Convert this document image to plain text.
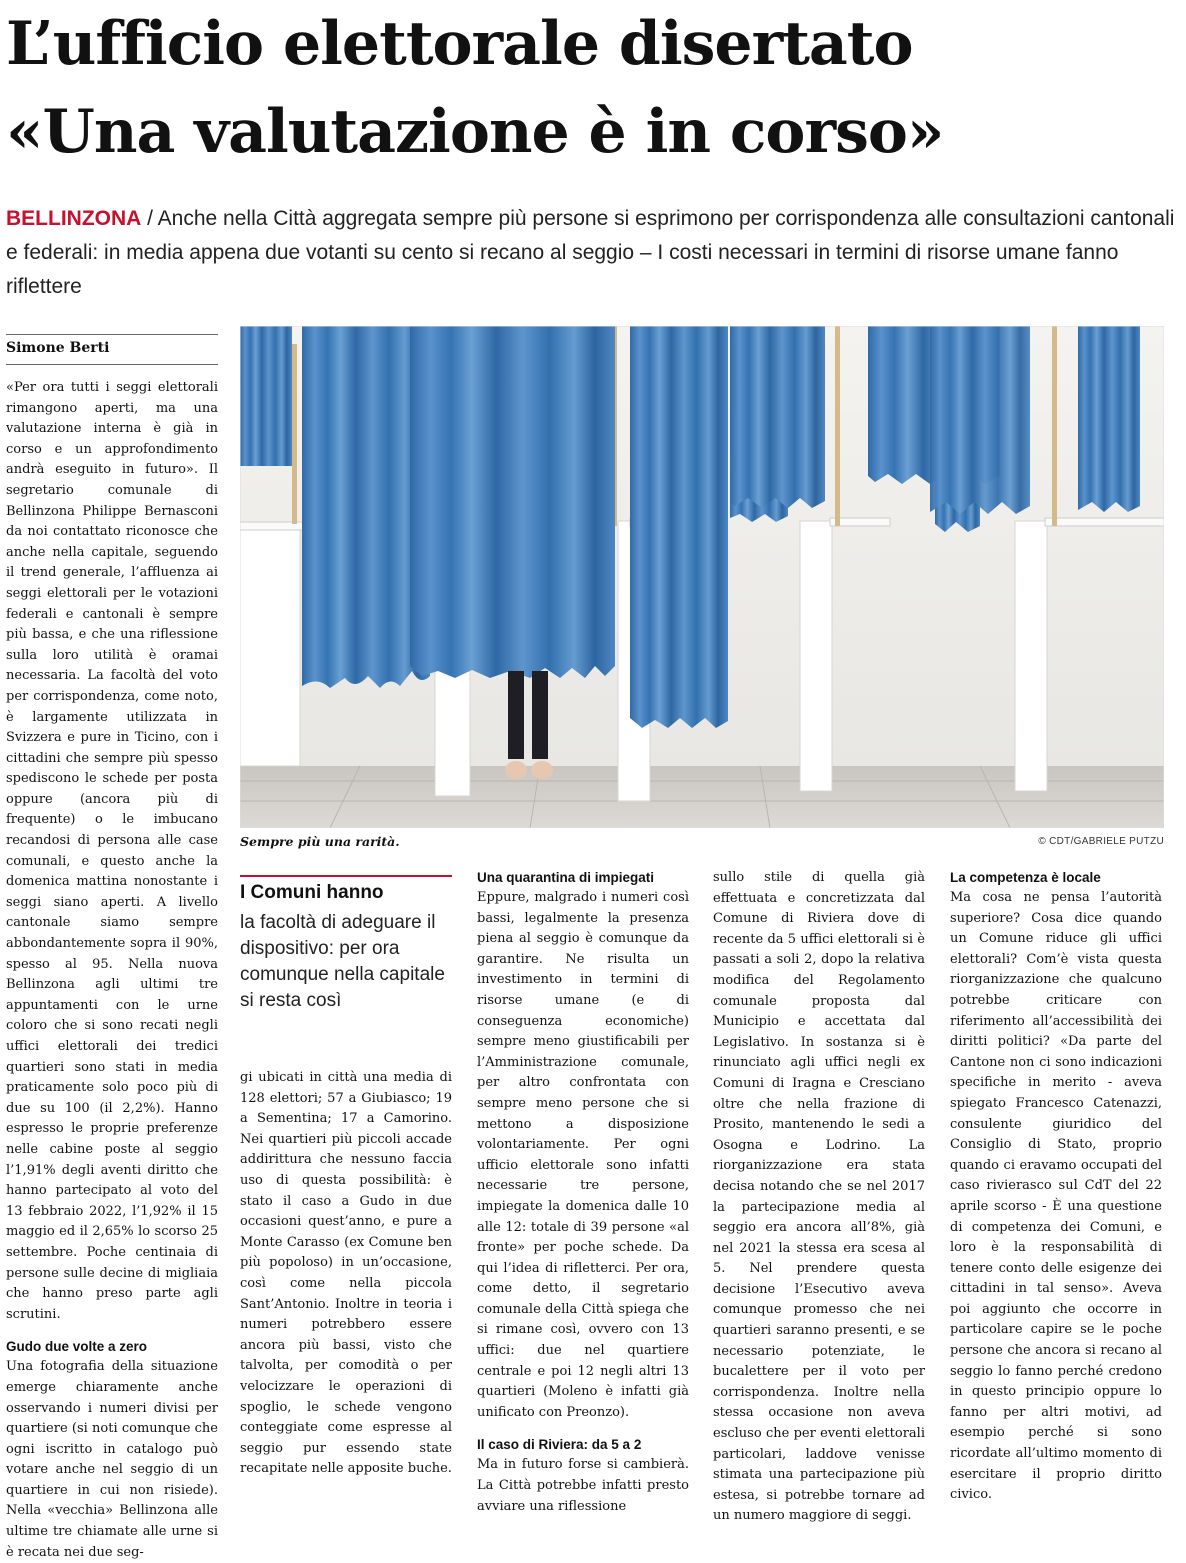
L’ufficio elettorale disertato
«Una valutazione è in corso»

BELLINZONA / Anche nella Città aggregata sempre più persone si esprimono per corrispondenza alle consultazioni cantonali e federali: in media appena due votanti su cento si recano al seggio – I costi necessari in termini di risorse umane fanno riflettere

Simone Berti

«Per ora tutti i seggi elettorali rimangono aperti, ma una valutazione interna è già in corso e un approfondimento andrà eseguito in futuro». Il segretario comunale di Bellinzona Philippe Bernasconi da noi contattato riconosce che anche nella capitale, seguendo il trend generale, l’affluenza ai seggi elettorali per le votazioni federali e cantonali è sempre più bassa, e che una riflessione sulla loro utilità è oramai necessaria. La facoltà del voto per corrispondenza, come noto, è largamente utilizzata in Svizzera e pure in Ticino, con i cittadini che sempre più spesso spediscono le schede per posta oppure (ancora più di frequente) o le imbucano recandosi di persona alle case comunali, e questo anche la domenica mattina nonostante i seggi siano aperti. A livello cantonale siamo sempre abbondantemente sopra il 90%, spesso al 95. Nella nuova Bellinzona agli ultimi tre appuntamenti con le urne coloro che si sono recati negli uffici elettorali dei tredici quartieri sono stati in media praticamente solo poco più di due su 100 (il 2,2%). Hanno espresso le proprie preferenze nelle cabine poste al seggio l’1,91% degli aventi diritto che hanno partecipato al voto del 13 febbraio 2022, l’1,92% il 15 maggio ed il 2,65% lo scorso 25 settembre. Poche centinaia di persone sulle decine di migliaia che hanno preso parte agli scrutini.

Gudo due volte a zero

Una fotografia della situazione emerge chiaramente anche osservando i numeri divisi per quartiere (si noti comunque che ogni iscritto in catalogo può votare anche nel seggio di un quartiere in cui non risiede). Nella «vecchia» Bellinzona alle ultime tre chiamate alle urne si è recata nei due seg-

Sempre più una rarità.	© CDT/GABRIELE PUTZU
I Comuni hanno
la facoltà di adeguare il dispositivo: per ora comunque nella capitale si resta così

gi ubicati in città una media di 128 elettori; 57 a Giubiasco; 19 a Sementina; 17 a Camorino. Nei quartieri più piccoli accade addirittura che nessuno faccia uso di questa possibilità: è stato il caso a Gudo in due occasioni quest’anno, e pure a Monte Carasso (ex Comune ben più popoloso) in un’occasione, così come nella piccola Sant’Antonio. Inoltre in teoria i numeri potrebbero essere ancora più bassi, visto che talvolta, per comodità o per velocizzare le operazioni di spoglio, le schede vengono conteggiate come espresse al seggio pur essendo state recapitate nelle apposite buche.

Una quarantina di impiegati

Eppure, malgrado i numeri così bassi, legalmente la presenza piena al seggio è comunque da garantire. Ne risulta un investimento in termini di risorse umane (e di conseguenza economiche) sempre meno giustificabili per l’Amministrazione comunale, per altro confrontata con sempre meno persone che si mettono a disposizione volontariamente. Per ogni ufficio elettorale sono infatti necessarie tre persone, impiegate la domenica dalle 10 alle 12: totale di 39 persone «al fronte» per poche schede. Da qui l’idea di rifletterci. Per ora, come detto, il segretario comunale della Città spiega che si rimane così, ovvero con 13 uffici: due nel quartiere centrale e poi 12 negli altri 13 quartieri (Moleno è infatti già unificato con Preonzo).

Il caso di Riviera: da 5 a 2

Ma in futuro forse si cambierà. La Città potrebbe infatti presto avviare una riflessione

sullo stile di quella già effettuata e concretizzata dal Comune di Riviera dove di recente da 5 uffici elettorali si è passati a soli 2, dopo la relativa modifica del Regolamento comunale proposta dal Municipio e accettata dal Legislativo. In sostanza si è rinunciato agli uffici negli ex Comuni di Iragna e Cresciano oltre che nella frazione di Prosito, mantenendo le sedi a Osogna e Lodrino. La riorganizzazione era stata decisa notando che se nel 2017 la partecipazione media al seggio era ancora all’8%, già nel 2021 la stessa era scesa al 5. Nel prendere questa decisione l’Esecutivo aveva comunque promesso che nei quartieri saranno presenti, e se necessario potenziate, le bucalettere per il voto per corrispondenza. Inoltre nella stessa occasione non aveva escluso che per eventi elettorali particolari, laddove venisse stimata una partecipazione più estesa, si potrebbe tornare ad un numero maggiore di seggi.

La competenza è locale

Ma cosa ne pensa l’autorità superiore? Cosa dice quando un Comune riduce gli uffici elettorali? Com’è vista questa riorganizzazione che qualcuno potrebbe criticare con riferimento all’accessibilità dei diritti politici? «Da parte del Cantone non ci sono indicazioni specifiche in merito - aveva spiegato Francesco Catenazzi, consulente giuridico del Consiglio di Stato, proprio quando ci eravamo occupati del caso rivierasco sul CdT del 22 aprile scorso - È una questione di competenza dei Comuni, e loro è la responsabilità di tenere conto delle esigenze dei cittadini in tal senso». Aveva poi aggiunto che occorre in particolare capire se le poche persone che ancora si recano al seggio lo fanno perché credono in questo principio oppure lo fanno per altri motivi, ad esempio perché si sono ricordate all’ultimo momento di esercitare il proprio diritto civico.
